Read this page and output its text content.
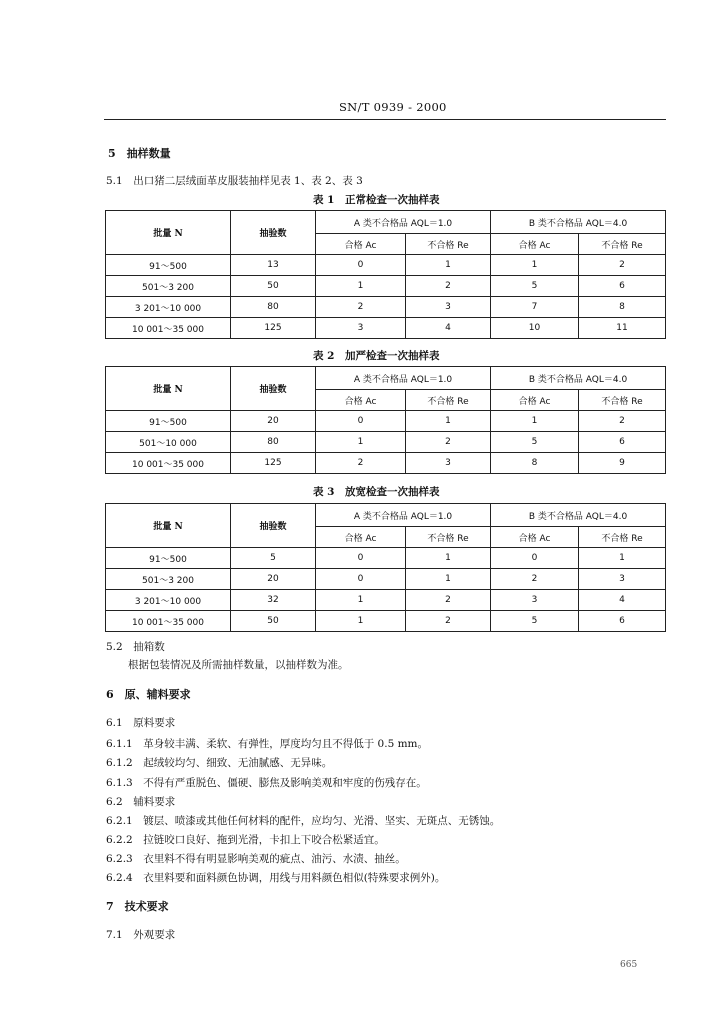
SN/T 0939 - 2000
5　抽样数量
5.1　出口猪二层绒面革皮服装抽样见表 1、表 2、表 3
表 1　正常检查一次抽样表
批量 N	抽验数	A 类不合格品 AQL＝1.0		B 类不合格品 AQL＝4.0	
		合格 Ac	不合格 Re	合格 Ac	不合格 Re
91～500	13	0	1	1	2
501～3 200	50	1	2	5	6
3 201～10 000	80	2	3	7	8
10 001～35 000	125	3	4	10	11
表 2　加严检查一次抽样表
批量 N	抽验数	A 类不合格品 AQL＝1.0		B 类不合格品 AQL＝4.0	
		合格 Ac	不合格 Re	合格 Ac	不合格 Re
91～500	20	0	1	1	2
501～10 000	80	1	2	5	6
10 001～35 000	125	2	3	8	9
表 3　放宽检查一次抽样表
批量 N	抽验数	A 类不合格品 AQL＝1.0		B 类不合格品 AQL＝4.0	
		合格 Ac	不合格 Re	合格 Ac	不合格 Re
91～500	5	0	1	0	1
501～3 200	20	0	1	2	3
3 201～10 000	32	1	2	3	4
10 001～35 000	50	1	2	5	6
5.2　抽箱数
根据包装情况及所需抽样数量，以抽样数为准。
6　原、辅料要求
6.1　原料要求
6.1.1　革身较丰满、柔软、有弹性，厚度均匀且不得低于 0.5 mm。
6.1.2　起绒较均匀、细致、无油腻感、无异味。
6.1.3　不得有严重脱色、僵硬、膨焦及影响美观和牢度的伤残存在。
6.2　辅料要求
6.2.1　镀层、喷漆或其他任何材料的配件，应均匀、光滑、坚实、无斑点、无锈蚀。
6.2.2　拉链咬口良好、拖到光滑，卡扣上下咬合松紧适宜。
6.2.3　衣里料不得有明显影响美观的疵点、油污、水渍、抽丝。
6.2.4　衣里料要和面料颜色协调，用线与用料颜色相似(特殊要求例外)。
7　技术要求
7.1　外观要求
665
